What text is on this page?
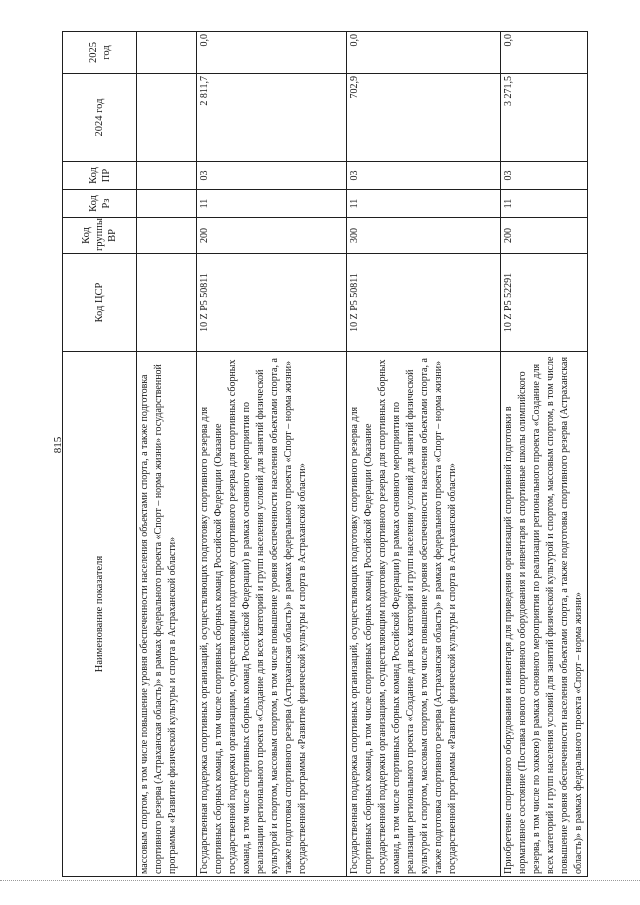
815
Наименование показателя	Код ЦСР	Код группы ВР	Код Рз	Код ПР	2024 год	2025 год
массовым спортом, в том числе повышение уровня обеспеченности населения объектами спорта, а также подготовка спортивного резерва (Астраханская область)» в рамках федерального проекта «Спорт – норма жизни» государственной программы «Развитие физической культуры и спорта в Астраханской области»						
Государственная поддержка спортивных организаций, осуществляющих подготовку спортивного резерва для спортивных сборных команд, в том числе спортивных сборных команд Российской Федерации (Оказание государственной поддержки организациям, осуществляющим подготовку спортивного резерва для спортивных сборных команд, в том числе спортивных сборных команд Российской Федерации) в рамках основного мероприятия по реализации регионального проекта «Создание для всех категорий и групп населения условий для занятий физической культурой и спортом, массовым спортом, в том числе повышение уровня обеспеченности населения объектами спорта, а также подготовка спортивного резерва (Астраханская область)» в рамках федерального проекта «Спорт – норма жизни» государственной программы «Развитие физической культуры и спорта в Астраханской области»	10 Z P5 50811	200	11	03	2 811,7	0,0
Государственная поддержка спортивных организаций, осуществляющих подготовку спортивного резерва для спортивных сборных команд, в том числе спортивных сборных команд Российской Федерации (Оказание государственной поддержки организациям, осуществляющим подготовку спортивного резерва для спортивных сборных команд, в том числе спортивных сборных команд Российской Федерации) в рамках основного мероприятия по реализации регионального проекта «Создание для всех категорий и групп населения условий для занятий физической культурой и спортом, массовым спортом, в том числе повышение уровня обеспеченности населения объектами спорта, а также подготовка спортивного резерва (Астраханская область)» в рамках федерального проекта «Спорт – норма жизни» государственной программы «Развитие физической культуры и спорта в Астраханской области»	10 Z P5 50811	300	11	03	702,9	0,0
Приобретение спортивного оборудования и инвентаря для приведения организаций спортивной подготовки в нормативное состояние (Поставка нового спортивного оборудования и инвентаря в спортивные школы олимпийского резерва, в том числе по хоккею) в рамках основного мероприятия по реализации регионального проекта «Создание для всех категорий и групп населения условий для занятий физической культурой и спортом, массовым спортом, в том числе повышение уровня обеспеченности населения объектами спорта, а также подготовка спортивного резерва (Астраханская область)» в рамках федерального проекта «Спорт – норма жизни»	10 Z P5 52291	200	11	03	3 271,5	0,0
